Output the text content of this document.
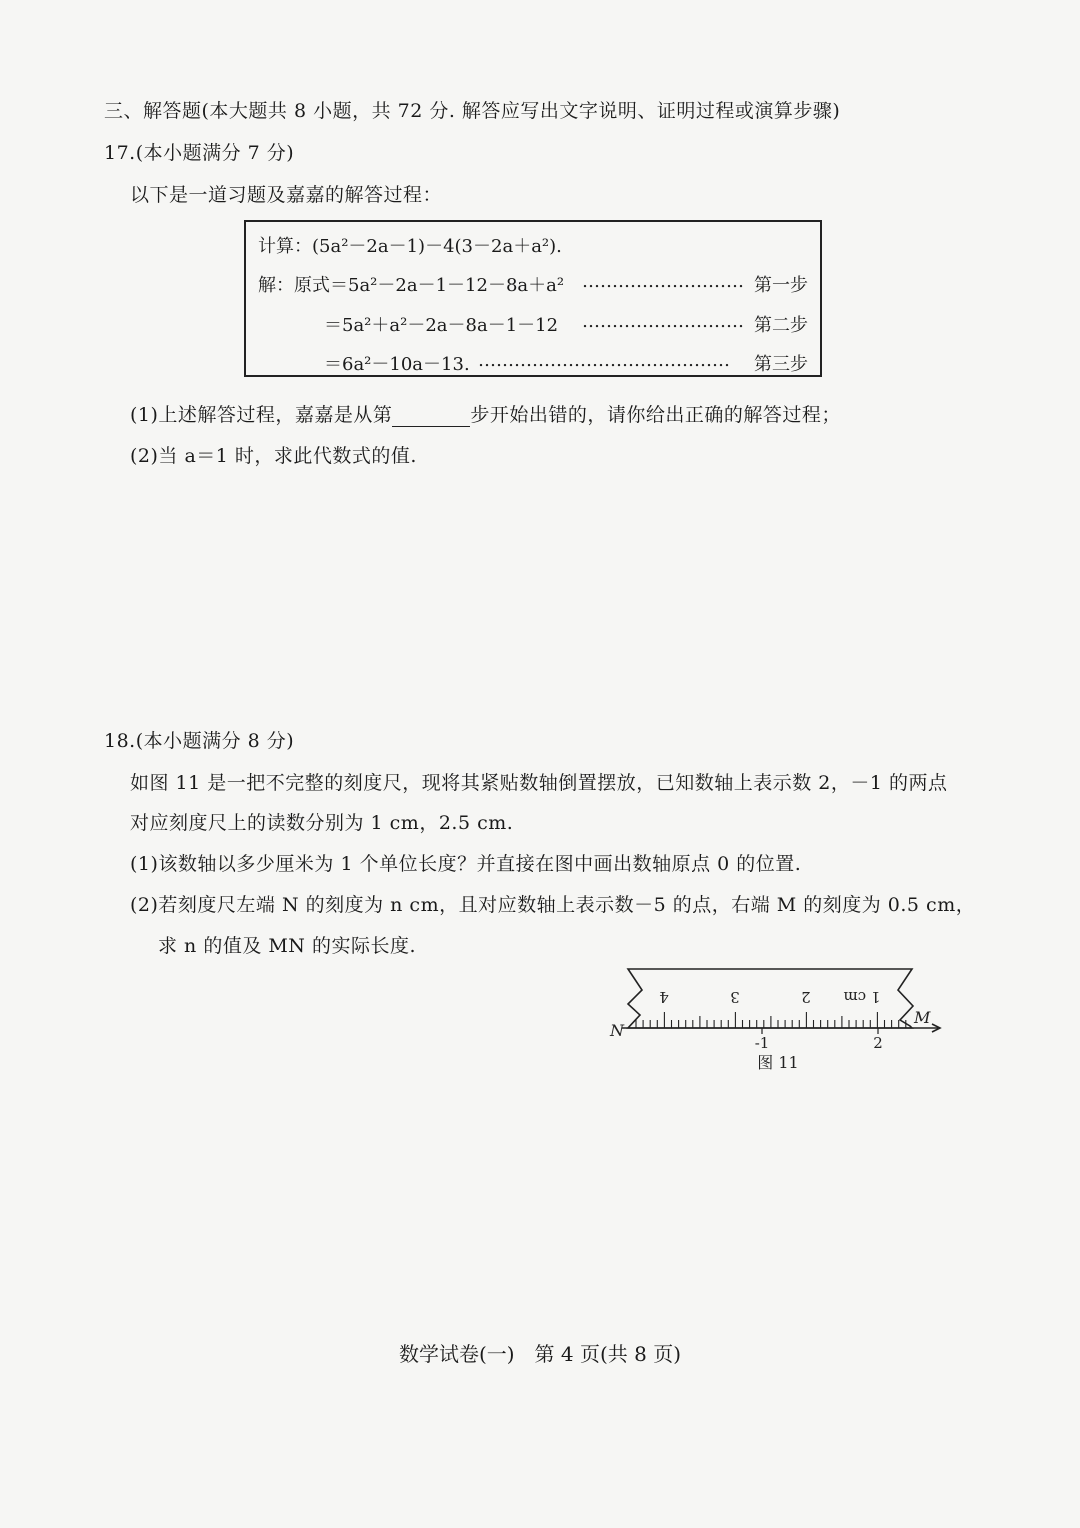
三、解答题(本大题共 8 小题，共 72 分. 解答应写出文字说明、证明过程或演算步骤)
17.(本小题满分 7 分)
以下是一道习题及嘉嘉的解答过程：
计算：(5a²－2a－1)－4(3－2a＋a²).
解：原式＝5a²－2a－1－12－8a＋a² ……………………… 第一步
＝5a²＋a²－2a－8a－1－12 ……………………… 第二步
＝6a²－10a－13. …………………………………… 第三步
(1)上述解答过程，嘉嘉是从第	步开始出错的，请你给出正确的解答过程；
(2)当 a＝1 时，求此代数式的值.
18.(本小题满分 8 分)
如图 11 是一把不完整的刻度尺，现将其紧贴数轴倒置摆放，已知数轴上表示数 2，－1 的两点
对应刻度尺上的读数分别为 1 cm，2.5 cm.
(1)该数轴以多少厘米为 1 个单位长度？并直接在图中画出数轴原点 0 的位置.
(2)若刻度尺左端 N 的刻度为 n cm，且对应数轴上表示数－5 的点，右端 M 的刻度为 0.5 cm，
求 n 的值及 MN 的实际长度.
4	3	2 1 cm
N
M
-1	2
图 11
数学试卷(一)　第 4 页(共 8 页)
